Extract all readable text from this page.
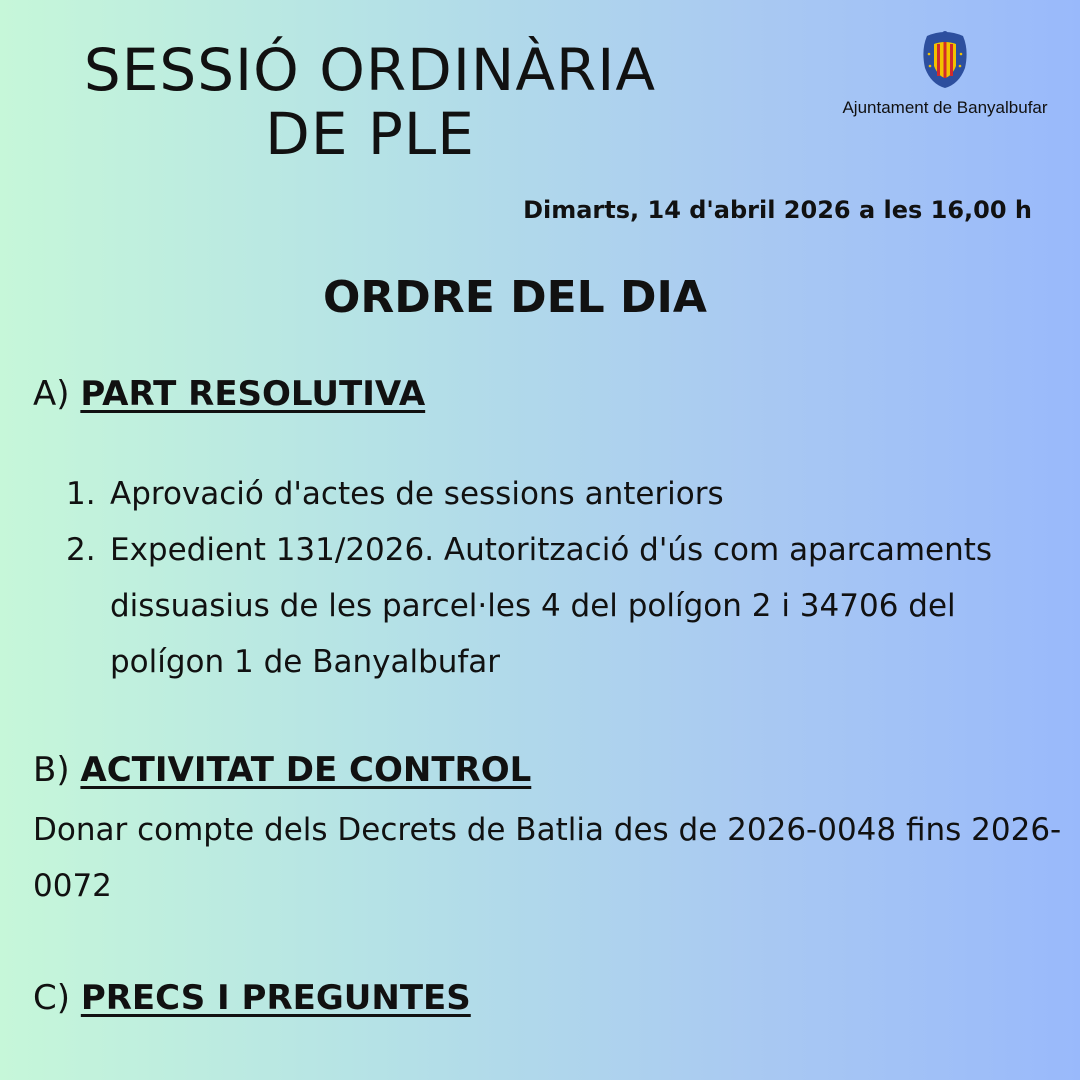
SESSIÓ ORDINÀRIA
DE PLE	Ajuntament de Banyalbufar
Dimarts, 14 d'abril 2026 a les 16,00 h
ORDRE DEL DIA
A) PART RESOLUTIVA
1. Aprovació d'actes de sessions anteriors
2. Expedient 131/2026. Autorització d'ús com aparcaments dissuasius de les parcel·les 4 del polígon 2 i 34706 del polígon 1 de Banyalbufar
B) ACTIVITAT DE CONTROL
Donar compte dels Decrets de Batlia des de 2026-0048 fins 2026-0072
C) PRECS I PREGUNTES
